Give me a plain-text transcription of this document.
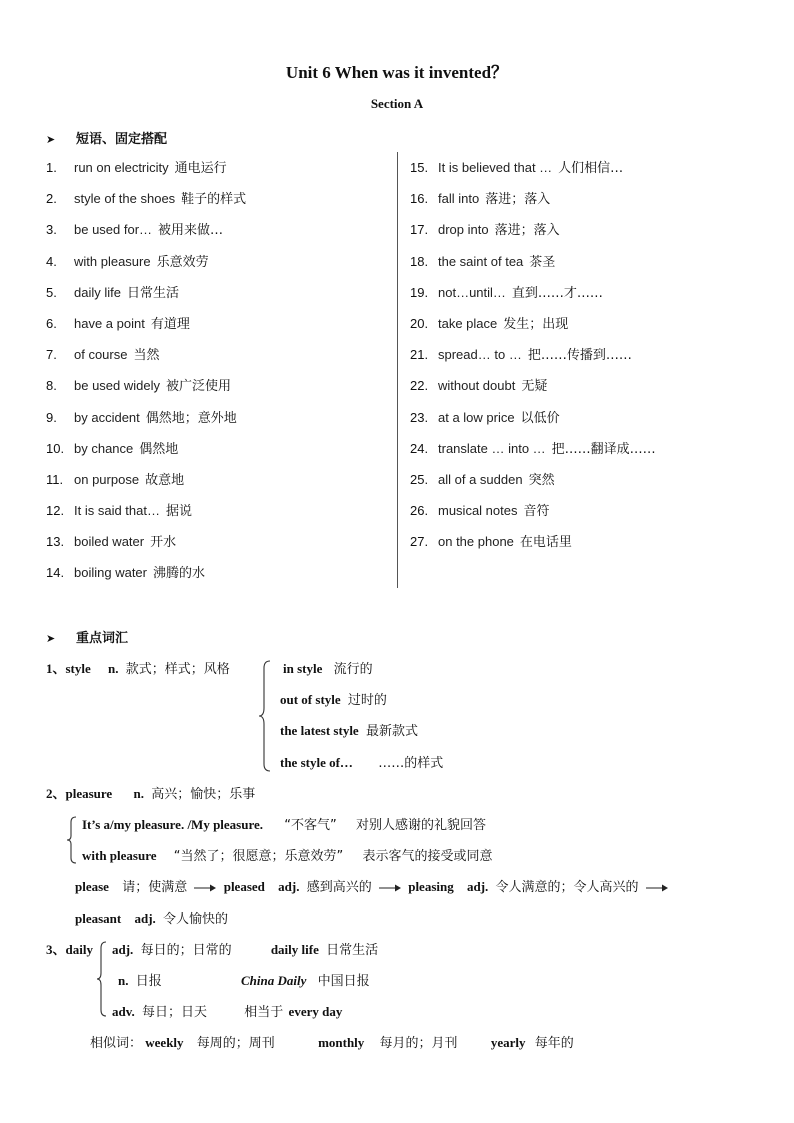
Unit 6 When was it invented？
Section A
➤ 短语、固定搭配
1. run on electricity 通电运行
2. style of the shoes 鞋子的样式
3. be used for… 被用来做…
4. with pleasure 乐意效劳
5. daily life 日常生活
6. have a point 有道理
7. of course 当然
8. be used widely 被广泛使用
9. by accident 偶然地；意外地
10. by chance 偶然地
11. on purpose 故意地
12. It is said that… 据说
13. boiled water 开水
14. boiling water 沸腾的水
15. It is believed that … 人们相信…
16. fall into 落进；落入
17. drop into 落进；落入
18. the saint of tea 茶圣
19. not…until… 直到……才……
20. take place 发生；出现
21. spread… to … 把……传播到……
22. without doubt 无疑
23. at a low price 以低价
24. translate … into … 把……翻译成……
25. all of a sudden 突然
26. musical notes 音符
27. on the phone 在电话里
➤ 重点词汇
1、style n. 款式；样式；风格	in style 流行的
out of style 过时的
the latest style 最新款式
the style of… ……的样式
2、pleasure n. 高兴；愉快；乐事
It’s a/my pleasure. /My pleasure. “不客气” 对别人感谢的礼貌回答
with pleasure “当然了；很愿意；乐意效劳” 表示客气的接受或同意
please 请；使满意	pleased adj. 感到高兴的	pleasing adj. 令人满意的；令人高兴的
pleasant adj. 令人愉快的
3、daily adj. 每日的；日常的	daily life 日常生活
n. 日报	China Daily 中国日报
adv. 每日；日天	相当于 every day
相似词： weekly 每周的；周刊	monthly 每月的；月刊	yearly 每年的
